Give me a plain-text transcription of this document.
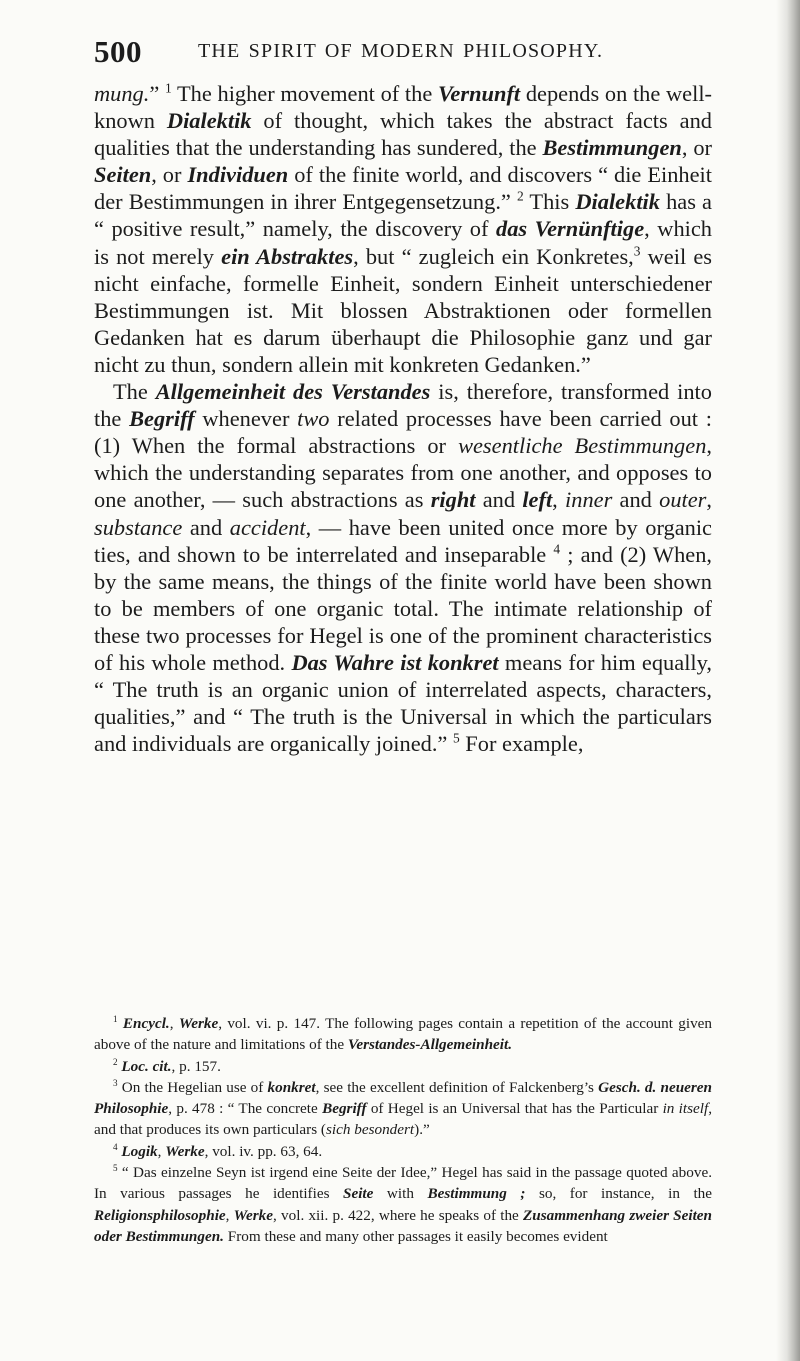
500	THE SPIRIT OF MODERN PHILOSOPHY.

mung.” $^1$ The higher movement of the Vernunft depends on the well-known Dialektik of thought, which takes the abstract facts and qualities that the understanding has sundered, the Bestimmungen, or Seiten, or Individuen of the finite world, and discovers “ die Einheit der Bestimmungen in ihrer Entgegensetzung.” $^2$ This Dialektik has a “ positive result,” namely, the discovery of das Vernünftige, which is not merely ein Abstraktes, but “ zugleich ein Konkretes,$^3$ weil es nicht einfache, formelle Einheit, sondern Einheit unterschiedener Bestimmungen ist. Mit blossen Abstraktionen oder formellen Gedanken hat es darum überhaupt die Philosophie ganz und gar nicht zu thun, sondern allein mit konkreten Gedanken.”

The Allgemeinheit des Verstandes is, therefore, transformed into the Begriff whenever two related processes have been carried out : (1) When the formal abstractions or wesentliche Bestimmungen, which the understanding separates from one another, and opposes to one another, — such abstractions as right and left, inner and outer, substance and accident, — have been united once more by organic ties, and shown to be interrelated and inseparable $^4$ ; and (2) When, by the same means, the things of the finite world have been shown to be members of one organic total. The intimate relationship of these two processes for Hegel is one of the prominent characteristics of his whole method. Das Wahre ist konkret means for him equally, “ The truth is an organic union of interrelated aspects, characters, qualities,” and “ The truth is the Universal in which the particulars and individuals are organically joined.” $^5$ For example,

$^1$ Encycl., Werke, vol. vi. p. 147. The following pages contain a repetition of the account given above of the nature and limitations of the Verstandes-Allgemeinheit.

$^2$ Loc. cit., p. 157.

$^3$ On the Hegelian use of konkret, see the excellent definition of Falckenberg’s Gesch. d. neueren Philosophie, p. 478 : “ The concrete Begriff of Hegel is an Universal that has the Particular in itself, and that produces its own particulars (sich besondert).”

$^4$ Logik, Werke, vol. iv. pp. 63, 64.

$^5$ “ Das einzelne Seyn ist irgend eine Seite der Idee,” Hegel has said in the passage quoted above. In various passages he identifies Seite with Bestimmung ; so, for instance, in the Religionsphilosophie, Werke, vol. xii. p. 422, where he speaks of the Zusammenhang zweier Seiten oder Bestimmungen. From these and many other passages it easily becomes evident
